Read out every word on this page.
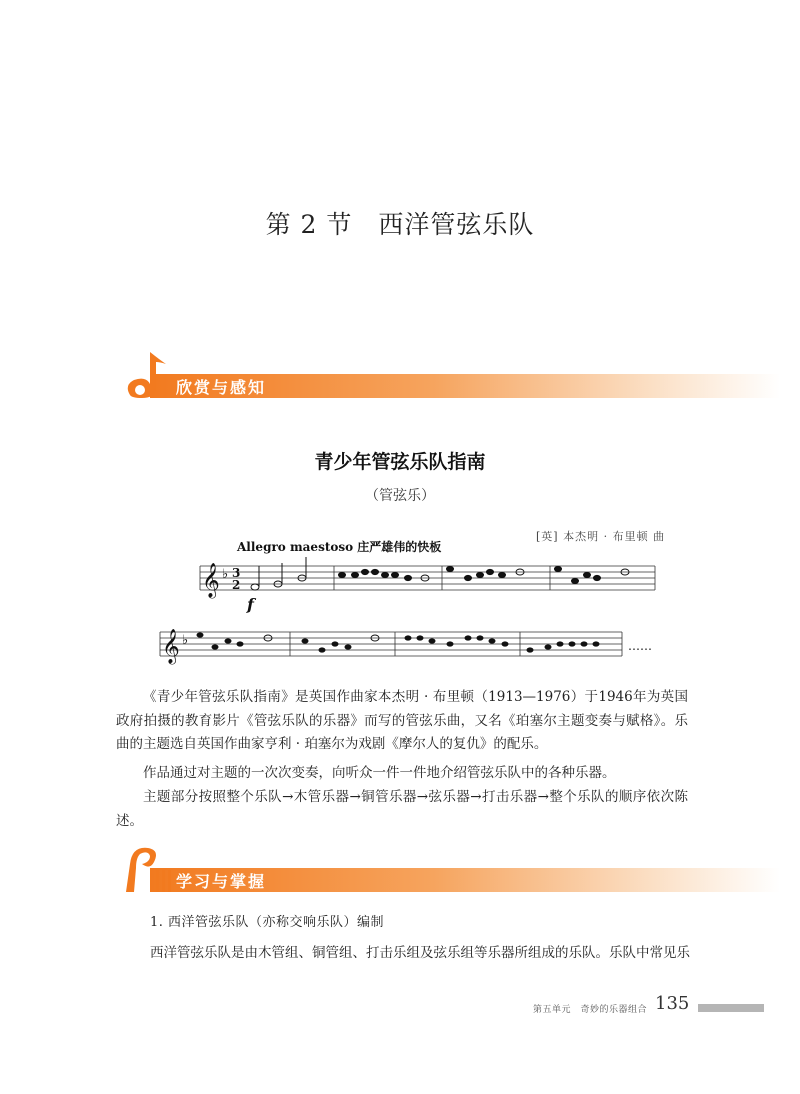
第 2 节　西洋管弦乐队
欣赏与感知
青少年管弦乐队指南
（管弦乐）
[英] 本杰明 · 布里顿 曲
Allegro maestoso 庄严雄伟的快板
𝄞 ♭ 3
2
f
𝄞 ♭	……
《青少年管弦乐队指南》是英国作曲家本杰明 · 布里顿（1913—1976）于1946年为英国政府拍摄的教育影片《管弦乐队的乐器》而写的管弦乐曲，又名《珀塞尔主题变奏与赋格》。乐曲的主题选自英国作曲家亨利 · 珀塞尔为戏剧《摩尔人的复仇》的配乐。
作品通过对主题的一次次变奏，向听众一件一件地介绍管弦乐队中的各种乐器。
主题部分按照整个乐队→木管乐器→铜管乐器→弦乐器→打击乐器→整个乐队的顺序依次陈述。
学习与掌握
1. 西洋管弦乐队（亦称交响乐队）编制
西洋管弦乐队是由木管组、铜管组、打击乐组及弦乐组等乐器所组成的乐队。乐队中常见乐
第五单元　奇妙的乐器组合 135
